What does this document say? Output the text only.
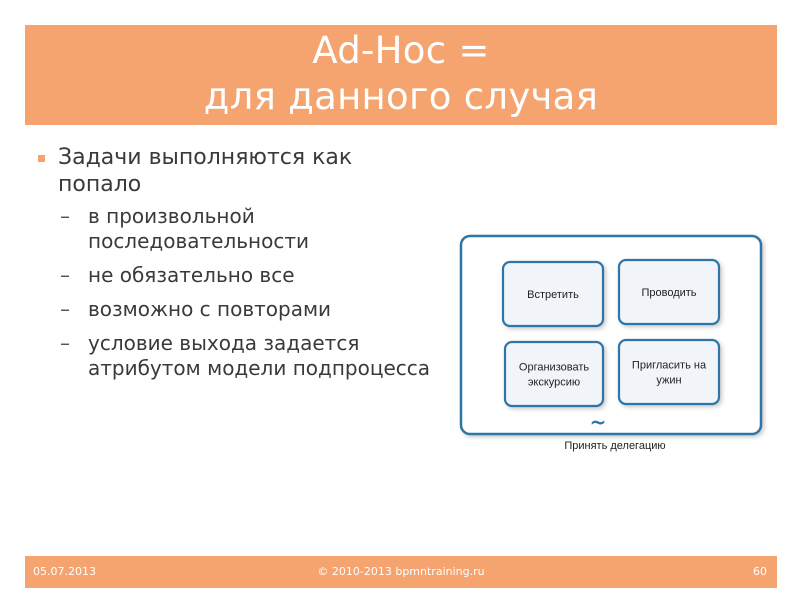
Ad-Hoc =
для данного случая
Задачи выполняются как попало
– в произвольной последовательности
– не обязательно все
– возможно с повторами
– условие выхода задается атрибутом модели подпроцесса
Встретить	Проводить
Организовать
экскурсию
Пригласить на
ужин
~
Принять делегацию
05.07.2013	© 2010-2013 bpmntraining.ru	60
